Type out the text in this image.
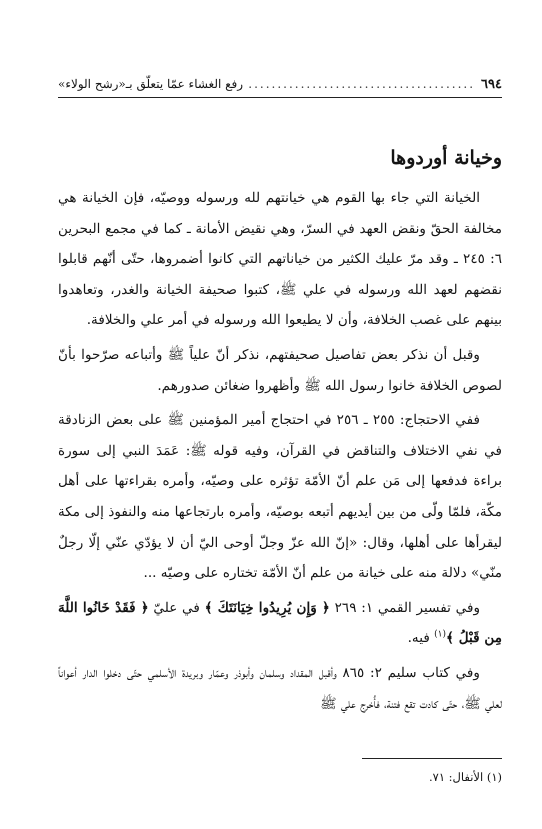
٦٩٤
.....
رفع الغشاء عمّا يتعلّق بـ«رشح الولاء»
وخيانة أوردوها

الخيانة التي جاء بها القوم هي خيانتهم لله ورسوله ووصيّه، فإن الخيانة هي مخالفة الحقّ ونقض العهد في السرّ، وهي نقيض الأمانة ـ كما في مجمع البحرين ٦: ٢٤٥ ـ وقد مرّ عليك الكثير من خياناتهم التي كانوا أضمروها، حتّى أنّهم قابلوا نقضهم لعهد الله ورسوله في علي ﷺ، كتبوا صحيفة الخيانة والغدر، وتعاهدوا بينهم على غصب الخلافة، وأن لا يطيعوا الله ورسوله في أمر علي والخلافة.

وقبل أن نذكر بعض تفاصيل صحيفتهم، نذكر أنّ علياً ﷺ وأتباعه صرّحوا بأنّ لصوص الخلافة خانوا رسول الله ﷺ وأظهروا ضغائن صدورهم.

ففي الاحتجاج: ٢٥٥ ـ ٢٥٦ في احتجاج أمير المؤمنين ﷺ على بعض الزنادقة في نفي الاختلاف والتناقض في القرآن، وفيه قوله ﷺ: عَمَدَ النبي إلى سورة براءة فدفعها إلى مَن علم أنّ الأمّة تؤثره على وصيّه، وأمره بقراءتها على أهل مكّة، فلمّا ولّى من بين أيديهم أتبعه بوصيّه، وأمره بارتجاعها منه والنفوذ إلى مكة ليقرأها على أهلها، وقال: «إنّ الله عزّ وجلّ أوحى اليّ أن لا يؤدّي عنّي إلّا رجلٌ منّي» دلالة منه على خيانة من علم أنّ الأمّة تختاره على وصيّه ...

وفي تفسير القمي ١: ٢٦٩ ﴿ وَإِن يُرِيدُوا خِيَانَتَكَ ﴾ في عليّ ﴿ فَقَدْ خَانُوا اللَّهَ مِن قَبْلُ ﴾$^{(١)}$ فيه.

وفي كتاب سليم ٢: ٨٦٥ وأقبل المقداد وسلمان وأبوذر وعمّار وبريدة الأسلمي حتّى دخلوا الدار أعواناً لعلي ﷺ، حتّى كادت تقع فتنة، فأُخرج علي ﷺ

(١) الأنفال: ٧١.
